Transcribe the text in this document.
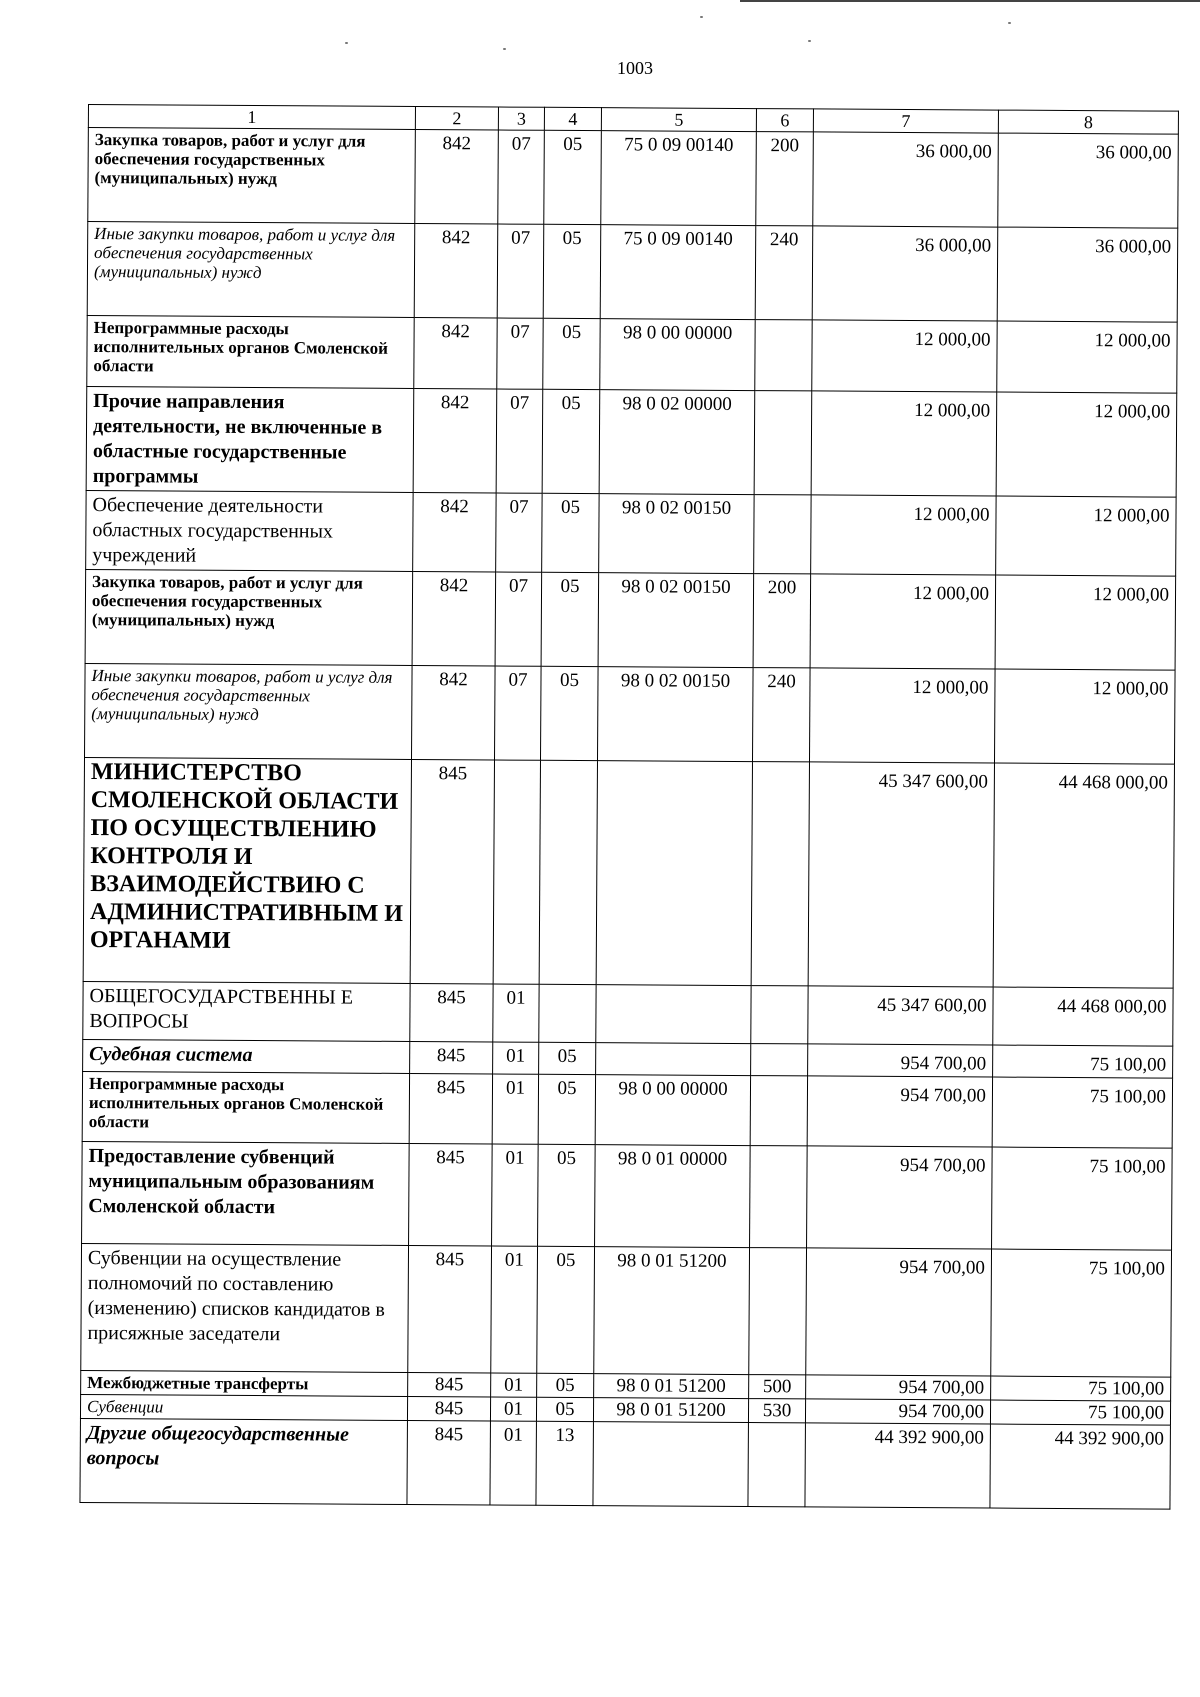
1003
1	2	3	4	5	6	7	8
Закупка товаров, работ и услуг для обеспечения государственных (муниципальных) нужд	842	07	05	75 0 09 00140	200	36 000,00	36 000,00

Иные закупки товаров, работ и услуг для обеспечения государственных (муниципальных) нужд	842	07	05	75 0 09 00140	240	36 000,00	36 000,00

Непрограммные расходы исполнительных органов Смоленской области	842	07	05	98 0 00 00000		12 000,00	12 000,00

Прочие направления деятельности, не включенные в областные государственные программы	842	07	05	98 0 02 00000		12 000,00	12 000,00

Обеспечение деятельности областных государственных учреждений	842	07	05	98 0 02 00150		12 000,00	12 000,00

Закупка товаров, работ и услуг для обеспечения государственных (муниципальных) нужд	842	07	05	98 0 02 00150	200	12 000,00	12 000,00

Иные закупки товаров, работ и услуг для обеспечения государственных (муниципальных) нужд	842	07	05	98 0 02 00150	240	12 000,00	12 000,00

МИНИСТЕРСТВО СМОЛЕНСКОЙ ОБЛАСТИ ПО ОСУЩЕСТВЛЕНИЮ КОНТРОЛЯ И ВЗАИМОДЕЙСТВИЮ С АДМИНИСТРАТИВНЫМ И ОРГАНАМИ	845					45 347 600,00	44 468 000,00

ОБЩЕГОСУДАРСТВЕННЫ Е ВОПРОСЫ	845	01				45 347 600,00	44 468 000,00

Судебная система	845	01	05			954 700,00	75 100,00

Непрограммные расходы исполнительных органов Смоленской области	845	01	05	98 0 00 00000		954 700,00	75 100,00

Предоставление субвенций муниципальным образованиям Смоленской области	845	01	05	98 0 01 00000		954 700,00	75 100,00

Субвенции на осуществление полномочий по составлению (изменению) списков кандидатов в присяжные заседатели	845	01	05	98 0 01 51200		954 700,00	75 100,00

Межбюджетные трансферты	845	01	05	98 0 01 51200	500	954 700,00	75 100,00
Субвенции	845	01	05	98 0 01 51200	530	954 700,00	75 100,00
Другие общегосударственные вопросы	845	01	13			44 392 900,00	44 392 900,00
